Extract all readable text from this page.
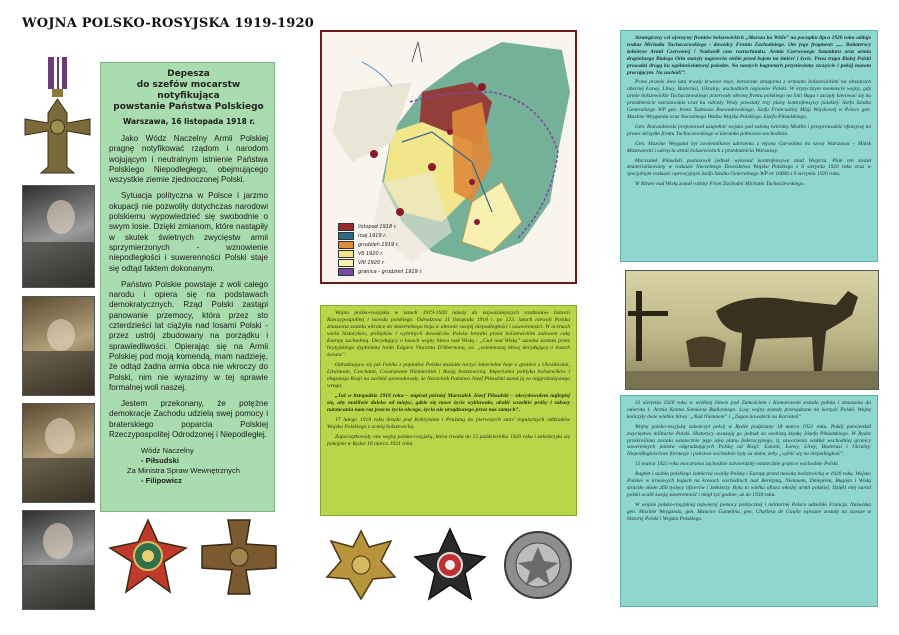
WOJNA POLSKO-ROSYJSKA 1919-1920
Depesza
do szefów mocarstw notyfikująca
powstanie Państwa Polskiego
Warszawa, 16 listopada 1918 r.

Jako Wódz Naczelny Armii Polskiej pragnę notyfikować rządom i narodom wojującym i neutralnym istnienie Państwa Polskiego Niepodległego, obejmującego wszystkie ziemie zjednoczonej Polski.

Sytuacja polityczna w Polsce i jarzmo okupacji nie pozwoliły dotychczas narodowi polskiemu wypowiedzieć się swobodnie o swym losie. Dzięki zmianom, które nastąpiły w skutek świetnych zwycięstw armii sprzymierzonych - wznowienie niepodległości i suwerenności Polski staje się odtąd faktem dokonanym.

Państwo Polskie powstaje z woli całego narodu i opiera się na podstawach demokratycznych. Rząd Polski zastąpi panowanie przemocy, która przez sto czterdzieści lat ciążyła nad losami Polski - przez ustrój zbudowany na porządku i sprawiedliwości. Opierając się na Armii Polskiej pod moją komendą, mam nadzieję, że odtąd żadna armia obca nie wkroczy do Polski, nim nie wyrazimy w tej sprawie formalnej woli naszej.

Jestem przekonany, że potężne demokracje Zachodu udzielą swej pomocy i braterskiego poparcia Polskiej Rzeczypospolitej Odrodzonej i Niepodległej.

Wódz Naczelny
- Piłsudski
Za Ministra Spraw Wewnętrznych
- Filipowicz
listopad 1918 r.
maj 1919 r.
grudzień 1919 r.
VII 1920 r.
VIII 1920 r.
granica - grudzień 1919 r.

Wojna polsko-rosyjska w latach 1919-1920 należy do najważniejszych rozdziałów historii Rzeczypospolitej i narodu polskiego. Odrodzona 11 listopada 1918 r. po 123. latach niewoli Polska zmuszona została wkrótce do śmiertelnego boju w obronie swojej niepodległości i suwerenności. W ocenach wielu historyków, polityków i wybitnych dowódców Polska broniła przed bolszewickim zalewem całą Europę zachodnią. Decydujący o losach wojny bitwa nad Wisłą - „Cud nad Wisłą” uznana została przez brytyjskiego dyplomatę lorda Edgara Vincenta D'Abernona, za: „osiemnastą bitwę decydującą o losach świata”.

Odradzająca się jak Feniks z popiołów Polska musiała toczyć śmiertelne boje o granice z Ukraińcami, Litwinami, Czechami, Cesarstwem Niemieckim i Rosją bolszewicką. Imperialna polityka bolszewików i ekspansja Rosji na zachód spowodowały, że Naczelnik Państwa Józef Piłsudski uznał ją za najgroźniejszego wroga.

„Już w listopadzie 1918 roku – napisał później Marszałek Józef Piłsudski – zdecydowałem najlepiej się, aby możliwie daleko od miejsc, gdzie się nowe życie wykluwało, obalić wszelkie próby i zakusy narzucania nam raz jeszcze życia obcego, życia nie urządzonego przez nas samych”.

17 lutego 1919 roku doszło pod Kobryniem i Prużaną do pierwszych starć regularnych oddziałów Wojska Polskiego z armią bolszewicką.

Zapoczątkowały one wojnę polsko-rosyjską, która trwała do 15 października 1920 roku i zakończyła się pokojem w Rydze 18 marca 1921 roku.

Strategiczny cel ofensywy frontów bolszewickich „Marszu ku Wiśle” na początku lipca 1920 roku oddaje rozkaz Michaiła Tuchaczewskiego - dowódcy Frontu Zachodniego. Oto jego fragment: „... Bohaterscy żołnierze Armii Czerwonej ! Nadszedł czas rozrachunku. Armia Czerwonego Sztandaru oraz armia drapieżnego Białego Orła stanęły naprzeciw siebie przed bojem na śmierć i życie. Przez trupa Białej Polski prowadzi drogą ku ogólnoświatowej pożodze. Na naszych bagnetach przyniesiemy szczęście i pokój masom pracującym. Na zachód!”.

Przez prawie dwa lata trwały krwawe boje, heroiczne zmagania z armiami bolszewickimi na obszarach obecnej Łotwy, Litwy, Białorusi, Ukrainy, wschodnich regionów Polski. W krytycznym momencie wojny, gdy armie bolszewickie Tuchaczewskiego przerwały obronę frontu polskiego na linii Bugu i zaczęły kierować się na przedmieście warszawskie oraz ku rubieży Wisły powstały trzy plany kontrofensywy polskiej: Szefa Sztabu Generalnego WP gen. broni Tadeusza Rozwadowskiego, Szefa Francuskiej Misji Wojskowej w Polsce gen. Maxime Weyganda oraz Naczelnego Wodza Wojska Polskiego Józefa Piłsudskiego.

Gen. Rozwadowski proponował uzupełnić wojska pod osłoną twierdzy Modlin i przeprowadzić ofensywę na prawe skrzydło frontu Tuchaczewskiego w kierunku północno-wschodnim.

Gen. Maxime Weygand był zwolennikiem uderzenia z rejonu Garwolina na szosę Warszawa – Mińsk Mazowiecki i odcięcia armii bolszewickich z przedmieścia Warszawy.

Marszałek Piłsudski postanowił jednak wykonać kontrofensywę znad Wieprza. Plan ten został zmaterializowany w rozkazie Naczelnego Dowództwa Wojska Polskiego z 6 sierpnia 1920 roku oraz w specjalnym rozkazie operacyjnym Szefa Sztabu Generalnego WP nr 10000 z 9 sierpnia 1920 roku.

W Bitwie nad Wisłą został rozbity Front Zachodni Michaiła Tuchaczewskiego.

31 sierpnia 1920 roku w wielkiej bitwie pod Zamościem i Komarowem zostało pobita i zmuszona do odwrotu 1. Armia Konna Siemiona Budionnego. Losy wojny zostały przesądzone na korzyść Polski. Wojnę kończyły dwie wielkie bitwy: „Nad Niemnem” i „Zagon kawalerii na Korosteń”.

Wojnę polsko-rosyjską zakończył pokój w Rydze podpisany 18 marca 1921 roku. Pokój potwierdził zwycięstwo militarne Polski. Historycy uważają go jednak za osobistą klęskę Józefa Piłsudskiego. W Rydze przekreślona została ostatecznie jego idea planu federacyjnego, tj. utworzenia wzdłuż wschodniej granicy suwerennych państw odgradzających Polskę od Rosji: Estonii, Łotwy, Litwy, Białorusi i Ukrainy. Niepodległościowe formacje i państwa wschodnie były za słabe, żeby „wybić się na niepodległość”.

15 marca 1923 roku mocarstwa zachodnie zatwierdziły ostatecznie granice wschodnie Polski.

Bagnet i szabla polskiego żołnierza ocaliły Polskę i Europę przed nawałą bolszewicką w 1920 roku. Wojsko Polskie w krwawych bojach na kresach wschodnich nad Berezyną, Niemnem, Dnieprem, Bugiem i Wisłą straciło około 260 tysięcy oficerów i żołnierzy. Była to wielka ofiara młodej armii polskiej. Dzięki niej naród polski ocalił swoją suwerenność i mógł żyć godnie, aż do 1939 roku.

W wojnie polsko-rosyjskiej najwięcej pomocy politycznej i militarnej Polsce udzieliła Francja. Nazwiska gen. Maxime Weyganda, gen. Maurice Gamelina, gen. Charlesa de Gaulle wpisane zostały na zawsze w historię Polski i Wojska Polskiego.
